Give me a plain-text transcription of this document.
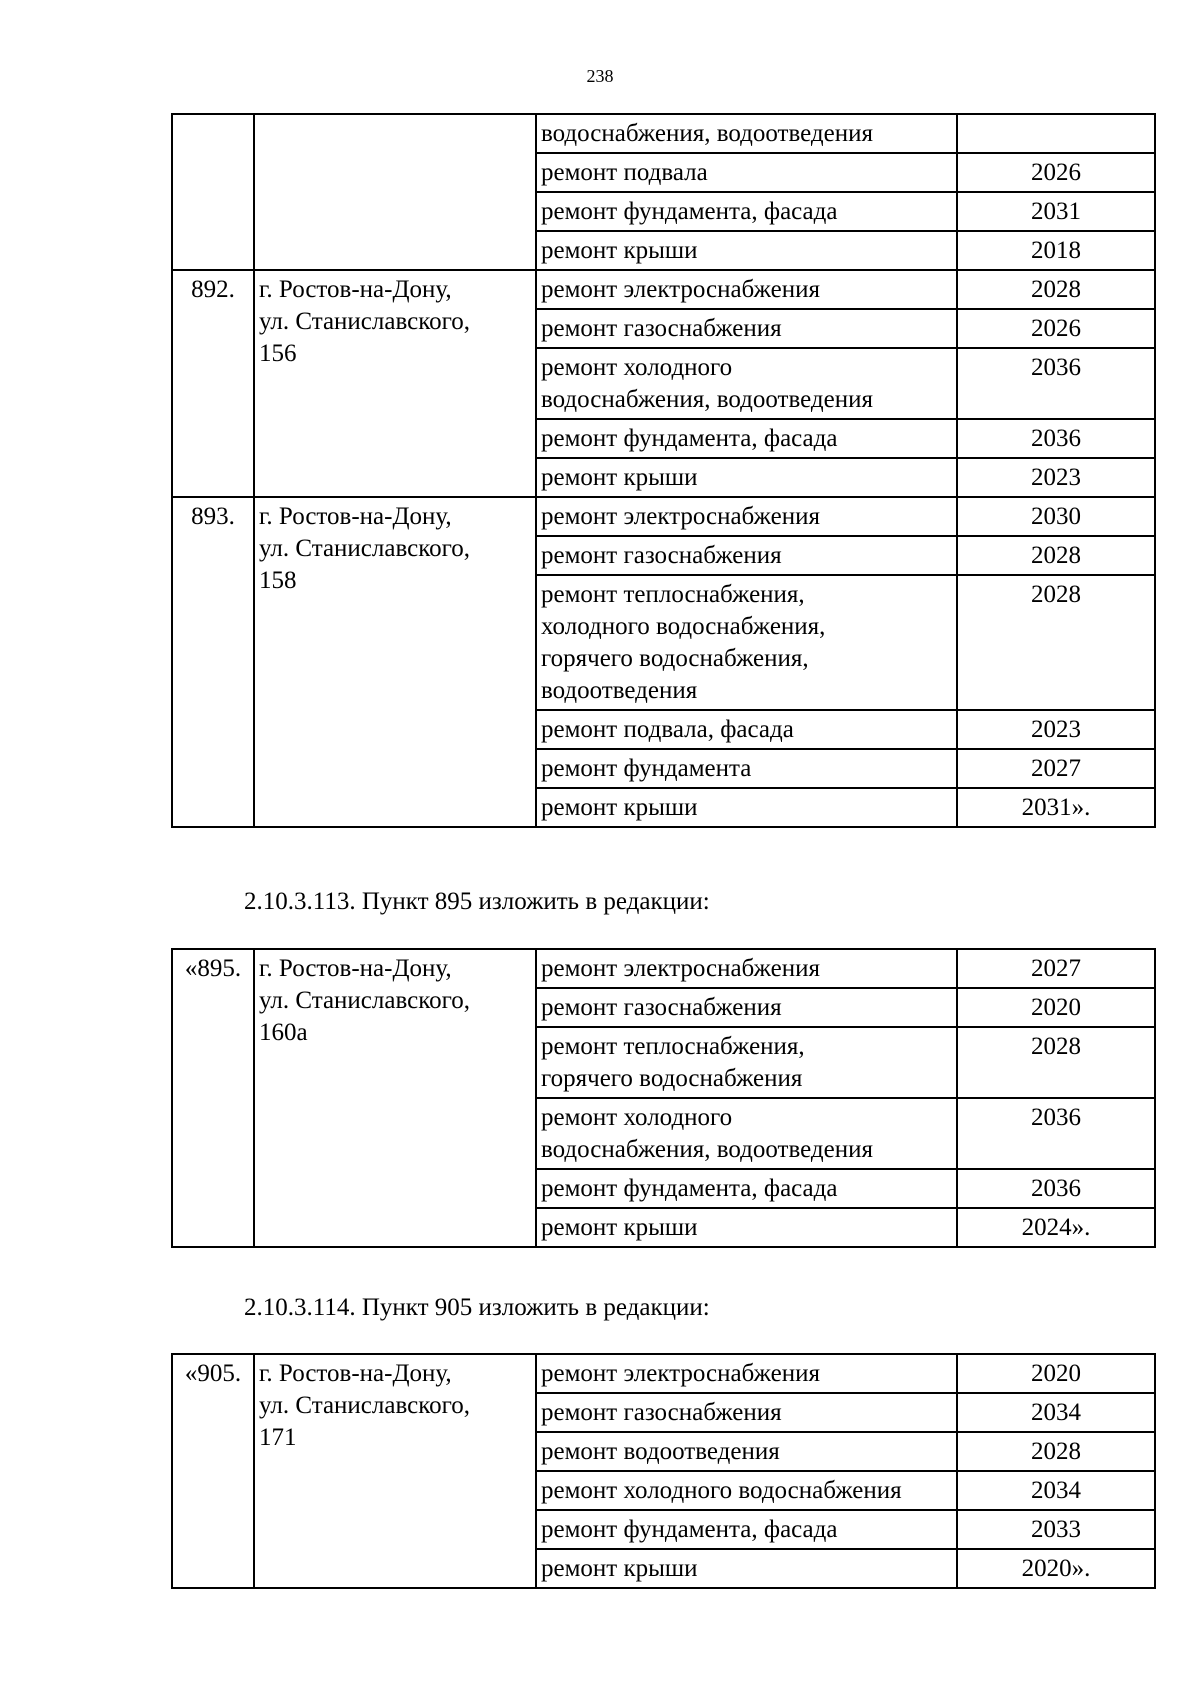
238
		водоснабжения, водоотведения	
		ремонт подвала	2026
		ремонт фундамента, фасада	2031
		ремонт крыши	2018
892.	г. Ростов-на-Дону,
ул. Станиславского,
156	ремонт электроснабжения	2028

		ремонт газоснабжения	2026

		ремонт холодного
водоснабжения, водоотведения	2036

		ремонт фундамента, фасада	2036

		ремонт крыши	2023
893.	г. Ростов-на-Дону,
ул. Станиславского,
158	ремонт электроснабжения	2030

		ремонт газоснабжения	2028

		ремонт теплоснабжения,
холодного водоснабжения,
горячего водоснабжения,
водоотведения	2028

		ремонт подвала, фасада	2023

		ремонт фундамента	2027

		ремонт крыши	2031».
2.10.3.113. Пункт 895 изложить в редакции:
«895.	г. Ростов-на-Дону,
ул. Станиславского,
160а	ремонт электроснабжения	2027

		ремонт газоснабжения	2020

		ремонт теплоснабжения,
горячего водоснабжения	2028

		ремонт холодного
водоснабжения, водоотведения	2036

		ремонт фундамента, фасада	2036

		ремонт крыши	2024».
2.10.3.114. Пункт 905 изложить в редакции:
«905.	г. Ростов-на-Дону,
ул. Станиславского,
171	ремонт электроснабжения	2020

		ремонт газоснабжения	2034

		ремонт водоотведения	2028

		ремонт холодного водоснабжения	2034

		ремонт фундамента, фасада	2033

		ремонт крыши	2020».
